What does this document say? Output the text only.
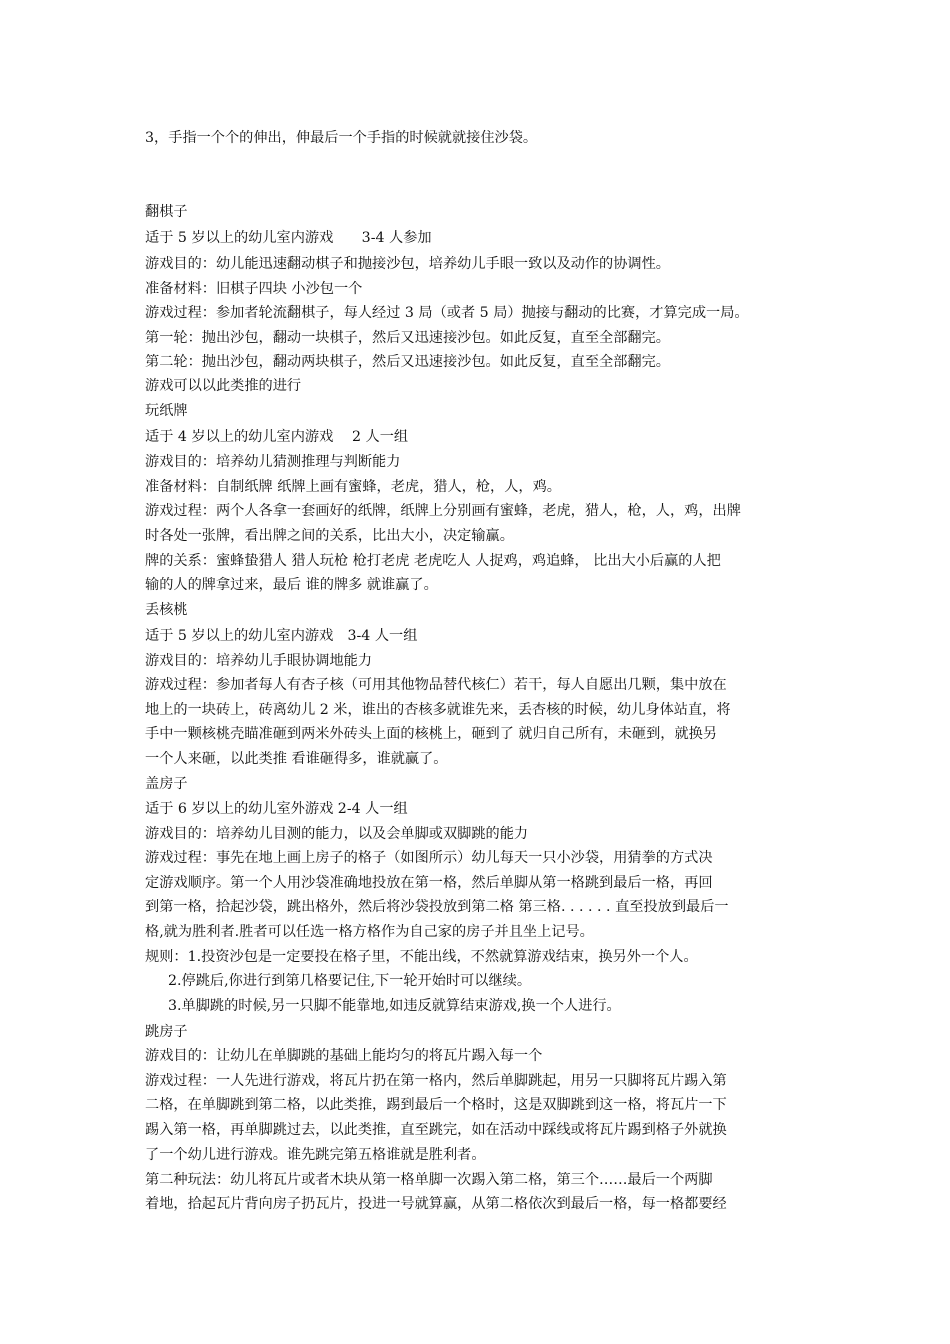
3，手指一个个的伸出，伸最后一个手指的时候就就接住沙袋。
翻棋子
适于 5 岁以上的幼儿室内游戏　　3-4 人参加
游戏目的：幼儿能迅速翻动棋子和抛接沙包，培养幼儿手眼一致以及动作的协调性。
准备材料：旧棋子四块 小沙包一个
游戏过程：参加者轮流翻棋子，每人经过 3 局（或者 5 局）抛接与翻动的比赛，才算完成一局。
第一轮：抛出沙包，翻动一块棋子，然后又迅速接沙包。如此反复，直至全部翻完。
第二轮：抛出沙包，翻动两块棋子，然后又迅速接沙包。如此反复，直至全部翻完。
游戏可以以此类推的进行
玩纸牌
适于 4 岁以上的幼儿室内游戏　 2 人一组
游戏目的：培养幼儿猜测推理与判断能力
准备材料：自制纸牌 纸牌上画有蜜蜂，老虎，猎人，枪，人，鸡。
游戏过程：两个人各拿一套画好的纸牌，纸牌上分别画有蜜蜂，老虎，猎人，枪，人，鸡，出牌
时各处一张牌，看出牌之间的关系，比出大小，决定输赢。
牌的关系：蜜蜂蛰猎人 猎人玩枪 枪打老虎 老虎吃人 人捉鸡，鸡追蜂， 比出大小后赢的人把
输的人的牌拿过来，最后 谁的牌多 就谁赢了。
丢核桃
适于 5 岁以上的幼儿室内游戏　3-4 人一组
游戏目的：培养幼儿手眼协调地能力
游戏过程：参加者每人有杏子核（可用其他物品替代核仁）若干，每人自愿出几颗，集中放在
地上的一块砖上，砖离幼儿 2 米，谁出的杏核多就谁先来，丢杏核的时候，幼儿身体站直，将
手中一颗核桃壳瞄准砸到两米外砖头上面的核桃上，砸到了 就归自己所有，未砸到，就换另
一个人来砸，以此类推 看谁砸得多，谁就赢了。
盖房子
适于 6 岁以上的幼儿室外游戏 2-4 人一组
游戏目的：培养幼儿目测的能力，以及会单脚或双脚跳的能力
游戏过程：事先在地上画上房子的格子（如图所示）幼儿每天一只小沙袋，用猜拳的方式决
定游戏顺序。第一个人用沙袋准确地投放在第一格，然后单脚从第一格跳到最后一格，再回
到第一格，拾起沙袋，跳出格外，然后将沙袋投放到第二格 第三格. . . . . . 直至投放到最后一
格,就为胜利者.胜者可以任选一格方格作为自己家的房子并且坐上记号。
规则：1.投资沙包是一定要投在格子里，不能出线，不然就算游戏结束，换另外一个人。
2.停跳后,你进行到第几格要记住,下一轮开始时可以继续。
3.单脚跳的时候,另一只脚不能靠地,如违反就算结束游戏,换一个人进行。
跳房子
游戏目的：让幼儿在单脚跳的基础上能均匀的将瓦片踢入每一个
游戏过程：一人先进行游戏，将瓦片扔在第一格内，然后单脚跳起，用另一只脚将瓦片踢入第
二格，在单脚跳到第二格，以此类推，踢到最后一个格时，这是双脚跳到这一格，将瓦片一下
踢入第一格，再单脚跳过去，以此类推，直至跳完，如在活动中踩线或将瓦片踢到格子外就换
了一个幼儿进行游戏。谁先跳完第五格谁就是胜利者。
第二种玩法：幼儿将瓦片或者木块从第一格单脚一次踢入第二格，第三个……最后一个两脚
着地，拾起瓦片背向房子扔瓦片，投进一号就算赢，从第二格依次到最后一格，每一格都要经
